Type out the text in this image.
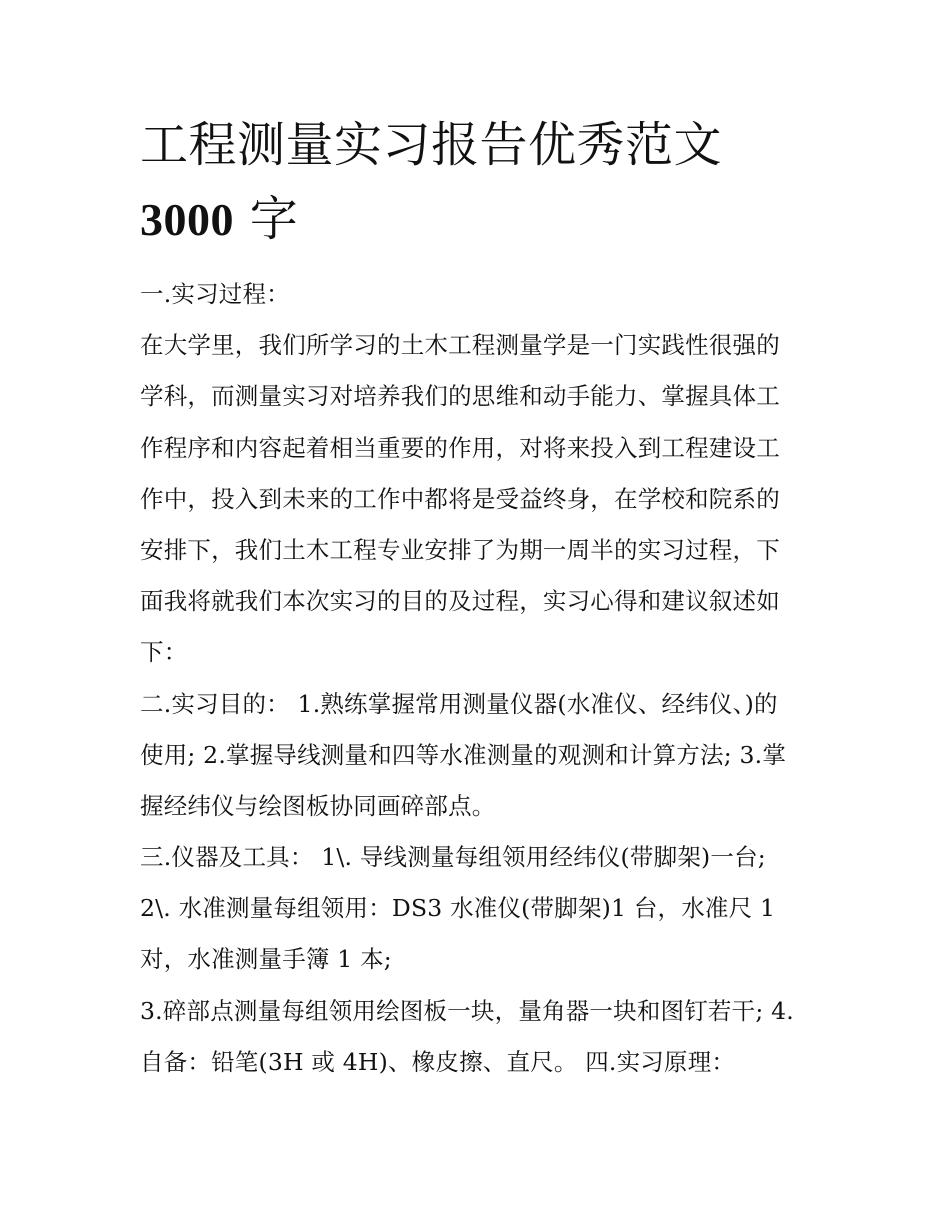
工程测量实习报告优秀范文
3000 字
一.实习过程：
在大学里，我们所学习的土木工程测量学是一门实践性很强的
学科，而测量实习对培养我们的思维和动手能力、掌握具体工
作程序和内容起着相当重要的作用，对将来投入到工程建设工
作中，投入到未来的工作中都将是受益终身，在学校和院系的
安排下，我们土木工程专业安排了为期一周半的实习过程，下
面我将就我们本次实习的目的及过程，实习心得和建议叙述如
下：
二.实习目的： 1.熟练掌握常用测量仪器(水准仪、经纬仪、)的
使用; 2.掌握导线测量和四等水准测量的观测和计算方法; 3.掌
握经纬仪与绘图板协同画碎部点。
三.仪器及工具： 1\. 导线测量每组领用经纬仪(带脚架)一台;
2\. 水准测量每组领用：DS3 水准仪(带脚架)1 台，水准尺 1
对，水准测量手簿 1 本;
3.碎部点测量每组领用绘图板一块，量角器一块和图钉若干; 4.
自备：铅笔(3H 或 4H)、橡皮擦、直尺。 四.实习原理：
